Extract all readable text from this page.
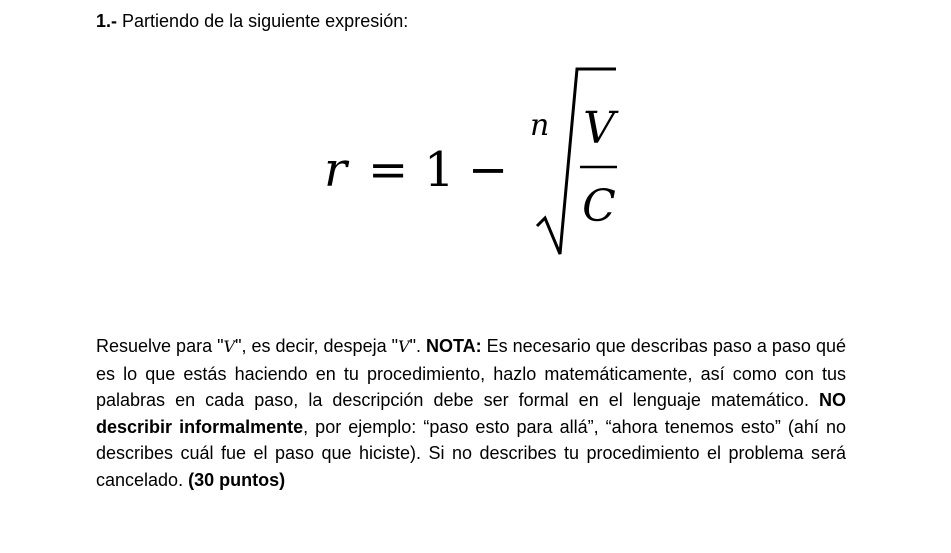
1.- Partiendo de la siguiente expresión:
r = 1 −
n V
C
Resuelve para "V", es decir, despeja "V". NOTA: Es necesario que describas paso a paso qué es lo que estás haciendo en tu procedimiento, hazlo matemáticamente, así como con tus palabras en cada paso, la descripción debe ser formal en el lenguaje matemático. NO describir informalmente, por ejemplo: “paso esto para allá”, “ahora tenemos esto” (ahí no describes cuál fue el paso que hiciste). Si no describes tu procedimiento el problema será cancelado. (30 puntos)
